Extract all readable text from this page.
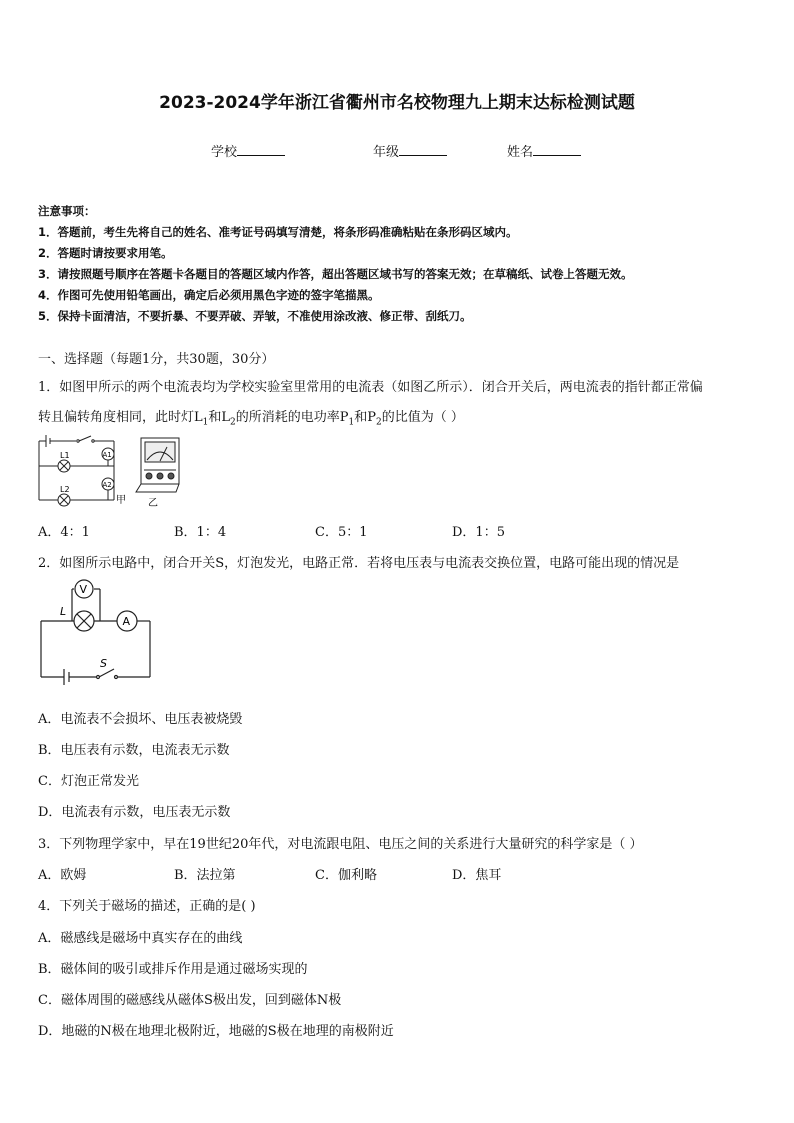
2023-2024学年浙江省衢州市名校物理九上期末达标检测试题
学校	年级	姓名
注意事项：
1．答题前，考生先将自己的姓名、准考证号码填写清楚，将条形码准确粘贴在条形码区域内。
2．答题时请按要求用笔。
3．请按照题号顺序在答题卡各题目的答题区域内作答，超出答题区域书写的答案无效；在草稿纸、试卷上答题无效。
4．作图可先使用铅笔画出，确定后必须用黑色字迹的签字笔描黑。
5．保持卡面清洁，不要折暴、不要弄破、弄皱，不准使用涂改液、修正带、刮纸刀。
一、选择题（每题1分，共30题，30分）
1．如图甲所示的两个电流表均为学校实验室里常用的电流表（如图乙所示）．闭合开关后，两电流表的指针都正常偏
转且偏转角度相同，此时灯$L_1$和$L_2$的所消耗的电功率$P_1$和$P_2$的比值为（ ）
L1
L2
A1
A2
甲 乙
A．4：1	B．1：4	C．5：1	D．1：5
2．如图所示电路中，闭合开关S，灯泡发光，电路正常．若将电压表与电流表交换位置，电路可能出现的情况是
V
L
A
S
A．电流表不会损坏、电压表被烧毁
B．电压表有示数，电流表无示数
C．灯泡正常发光
D．电流表有示数，电压表无示数
3．下列物理学家中，早在19世纪20年代，对电流跟电阻、电压之间的关系进行大量研究的科学家是（ ）
A．欧姆	B．法拉第	C．伽利略	D．焦耳
4．下列关于磁场的描述，正确的是( )
A．磁感线是磁场中真实存在的曲线
B．磁体间的吸引或排斥作用是通过磁场实现的
C．磁体周围的磁感线从磁体S极出发，回到磁体N极
D．地磁的N极在地理北极附近，地磁的S极在地理的南极附近
